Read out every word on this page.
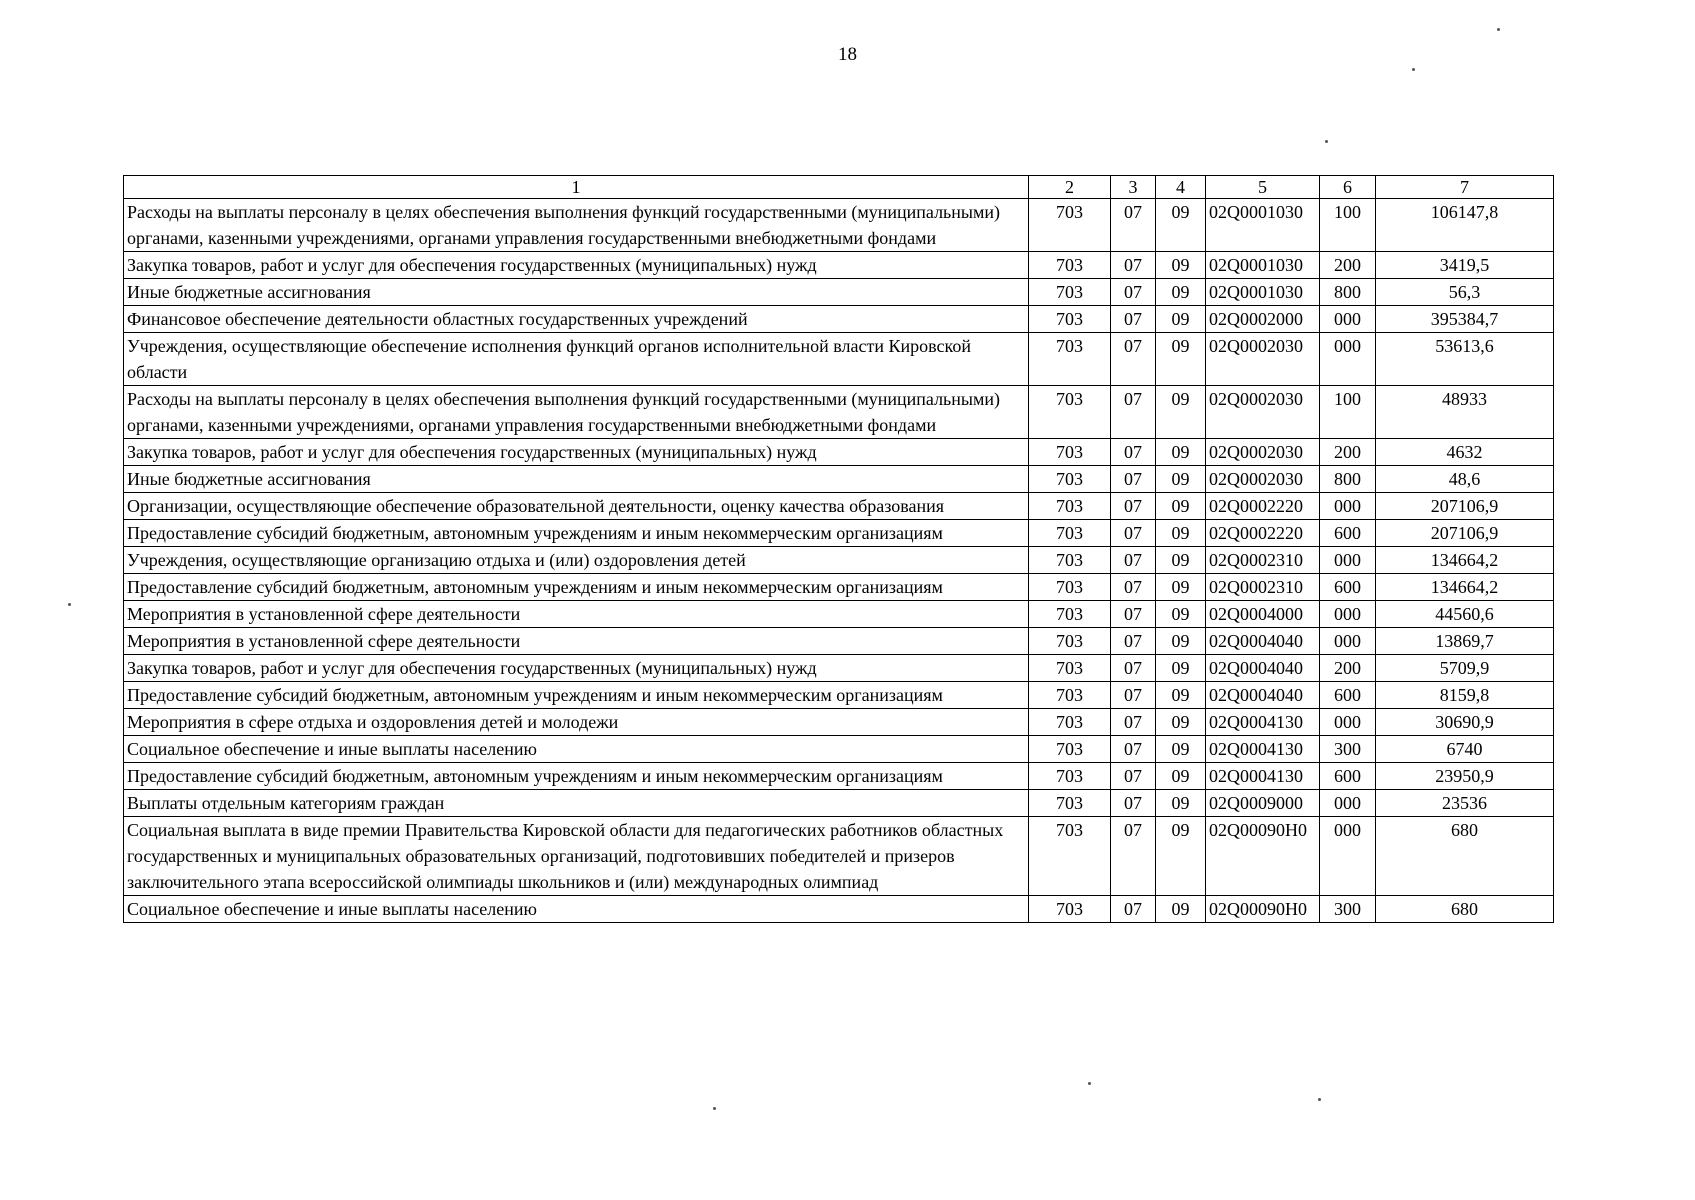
18
1	2	3	4	5	6	7
Расходы на выплаты персоналу в целях обеспечения выполнения функций государственными (муниципальными) органами, казенными учреждениями, органами управления государственными внебюджетными фондами	703	07	09	02Q0001030	100	106147,8
Закупка товаров, работ и услуг для обеспечения государственных (муниципальных) нужд	703	07	09	02Q0001030	200	3419,5
Иные бюджетные ассигнования	703	07	09	02Q0001030	800	56,3
Финансовое обеспечение деятельности областных государственных учреждений	703	07	09	02Q0002000	000	395384,7
Учреждения, осуществляющие обеспечение исполнения функций органов исполнительной власти Кировской области	703	07	09	02Q0002030	000	53613,6
Расходы на выплаты персоналу в целях обеспечения выполнения функций государственными (муниципальными) органами, казенными учреждениями, органами управления государственными внебюджетными фондами	703	07	09	02Q0002030	100	48933
Закупка товаров, работ и услуг для обеспечения государственных (муниципальных) нужд	703	07	09	02Q0002030	200	4632
Иные бюджетные ассигнования	703	07	09	02Q0002030	800	48,6
Организации, осуществляющие обеспечение образовательной деятельности, оценку качества образования	703	07	09	02Q0002220	000	207106,9
Предоставление субсидий бюджетным, автономным учреждениям и иным некоммерческим организациям	703	07	09	02Q0002220	600	207106,9
Учреждения, осуществляющие организацию отдыха и (или) оздоровления детей	703	07	09	02Q0002310	000	134664,2
Предоставление субсидий бюджетным, автономным учреждениям и иным некоммерческим организациям	703	07	09	02Q0002310	600	134664,2
Мероприятия в установленной сфере деятельности	703	07	09	02Q0004000	000	44560,6
Мероприятия в установленной сфере деятельности	703	07	09	02Q0004040	000	13869,7
Закупка товаров, работ и услуг для обеспечения государственных (муниципальных) нужд	703	07	09	02Q0004040	200	5709,9
Предоставление субсидий бюджетным, автономным учреждениям и иным некоммерческим организациям	703	07	09	02Q0004040	600	8159,8
Мероприятия в сфере отдыха и оздоровления детей и молодежи	703	07	09	02Q0004130	000	30690,9
Социальное обеспечение и иные выплаты населению	703	07	09	02Q0004130	300	6740
Предоставление субсидий бюджетным, автономным учреждениям и иным некоммерческим организациям	703	07	09	02Q0004130	600	23950,9
Выплаты отдельным категориям граждан	703	07	09	02Q0009000	000	23536
Социальная выплата в виде премии Правительства Кировской области для педагогических работников областных государственных и муниципальных образовательных организаций, подготовивших победителей и призеров заключительного этапа всероссийской олимпиады школьников и (или) международных олимпиад	703	07	09	02Q00090H0	000	680
Социальное обеспечение и иные выплаты населению	703	07	09	02Q00090H0	300	680
